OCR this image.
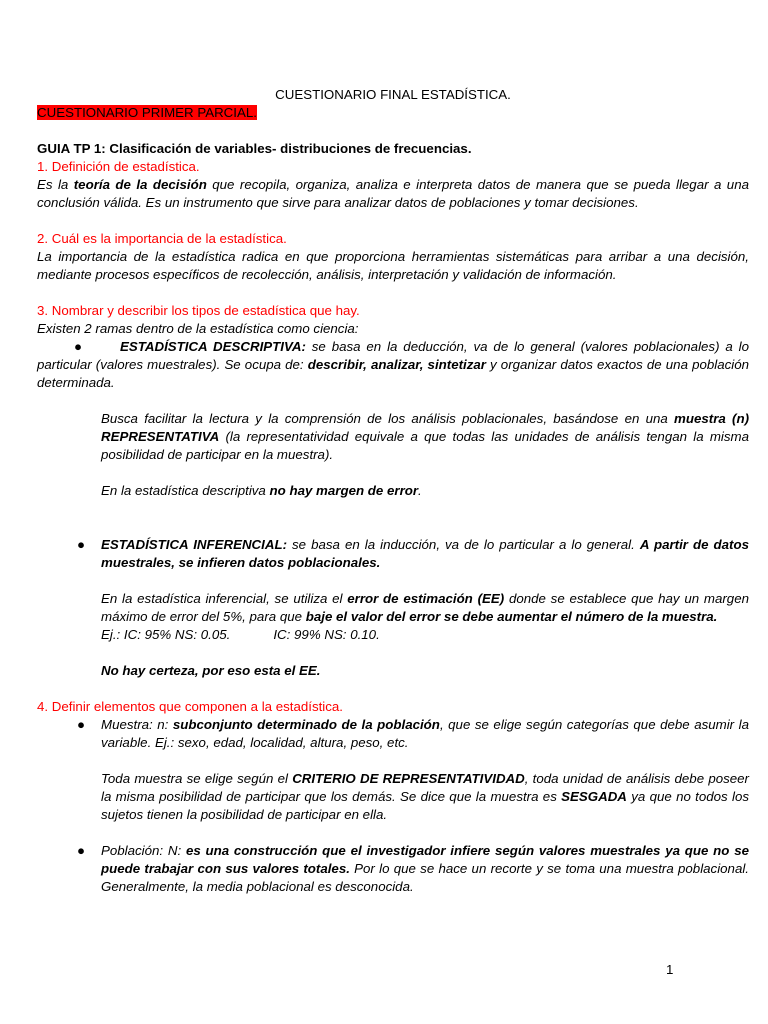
CUESTIONARIO FINAL ESTADÍSTICA.
CUESTIONARIO PRIMER PARCIAL.
GUIA TP 1: Clasificación de variables- distribuciones de frecuencias.
1. Definición de estadística.
Es la teoría de la decisión que recopila, organiza, analiza e interpreta datos de manera que se pueda llegar a una conclusión válida. Es un instrumento que sirve para analizar datos de poblaciones y tomar decisiones.
2. Cuál es la importancia de la estadística.
La importancia de la estadística radica en que proporciona herramientas sistemáticas para arribar a una decisión, mediante procesos específicos de recolección, análisis, interpretación y validación de información.
3. Nombrar y describir los tipos de estadística que hay.
Existen 2 ramas dentro de la estadística como ciencia:
●	ESTADÍSTICA DESCRIPTIVA: se basa en la deducción, va de lo general (valores poblacionales) a lo particular (valores muestrales). Se ocupa de: describir, analizar, sintetizar y organizar datos exactos de una población determinada.
Busca facilitar la lectura y la comprensión de los análisis poblacionales, basándose en una muestra (n) REPRESENTATIVA (la representatividad equivale a que todas las unidades de análisis tengan la misma posibilidad de participar en la muestra).
En la estadística descriptiva no hay margen de error.
● ESTADÍSTICA INFERENCIAL: se basa en la inducción, va de lo particular a lo general. A partir de datos muestrales, se infieren datos poblacionales.
En la estadística inferencial, se utiliza el error de estimación (EE) donde se establece que hay un margen máximo de error del 5%, para que baje el valor del error se debe aumentar el número de la muestra.
Ej.: IC: 95% NS: 0.05.	IC: 99% NS: 0.10.
No hay certeza, por eso esta el EE.
4. Definir elementos que componen a la estadística.
● Muestra: n: subconjunto determinado de la población, que se elige según categorías que debe asumir la variable. Ej.: sexo, edad, localidad, altura, peso, etc.
Toda muestra se elige según el CRITERIO DE REPRESENTATIVIDAD, toda unidad de análisis debe poseer la misma posibilidad de participar que los demás. Se dice que la muestra es SESGADA ya que no todos los sujetos tienen la posibilidad de participar en ella.
● Población: N: es una construcción que el investigador infiere según valores muestrales ya que no se puede trabajar con sus valores totales. Por lo que se hace un recorte y se toma una muestra poblacional. Generalmente, la media poblacional es desconocida.
1
